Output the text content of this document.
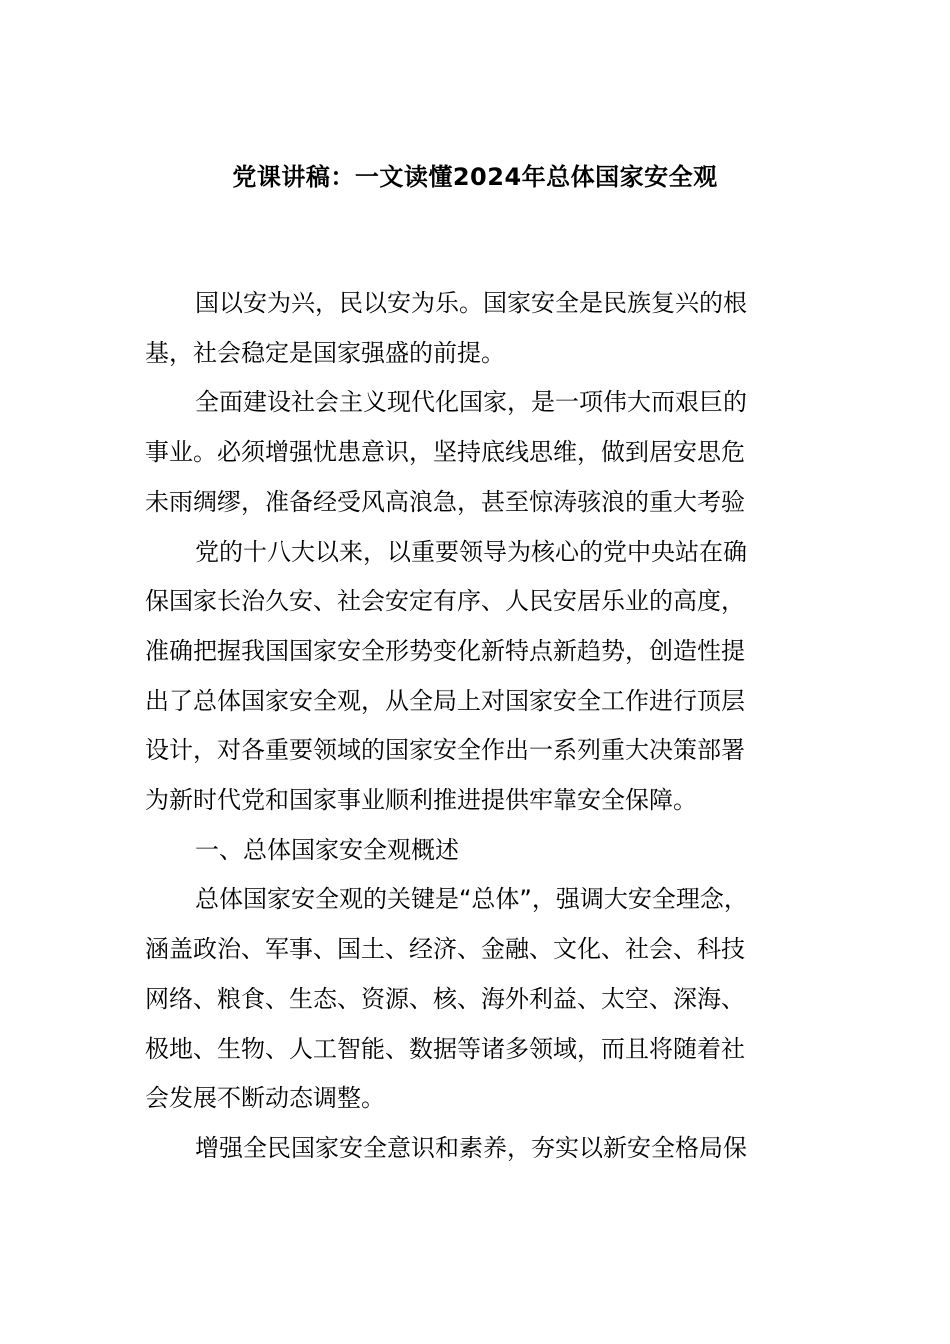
党课讲稿：一文读懂2024年总体国家安全观
国以安为兴，民以安为乐。国家安全是民族复兴的根
基，社会稳定是国家强盛的前提。
全面建设社会主义现代化国家，是一项伟大而艰巨的
事业。必须增强忧患意识，坚持底线思维，做到居安思危
未雨绸缪，准备经受风高浪急，甚至惊涛骇浪的重大考验
党的十八大以来，以重要领导为核心的党中央站在确
保国家长治久安、社会安定有序、人民安居乐业的高度，
准确把握我国国家安全形势变化新特点新趋势，创造性提
出了总体国家安全观，从全局上对国家安全工作进行顶层
设计，对各重要领域的国家安全作出一系列重大决策部署
为新时代党和国家事业顺利推进提供牢靠安全保障。
一、总体国家安全观概述
总体国家安全观的关键是“总体”，强调大安全理念，
涵盖政治、军事、国土、经济、金融、文化、社会、科技
网络、粮食、生态、资源、核、海外利益、太空、深海、
极地、生物、人工智能、数据等诸多领域，而且将随着社
会发展不断动态调整。
增强全民国家安全意识和素养，夯实以新安全格局保
